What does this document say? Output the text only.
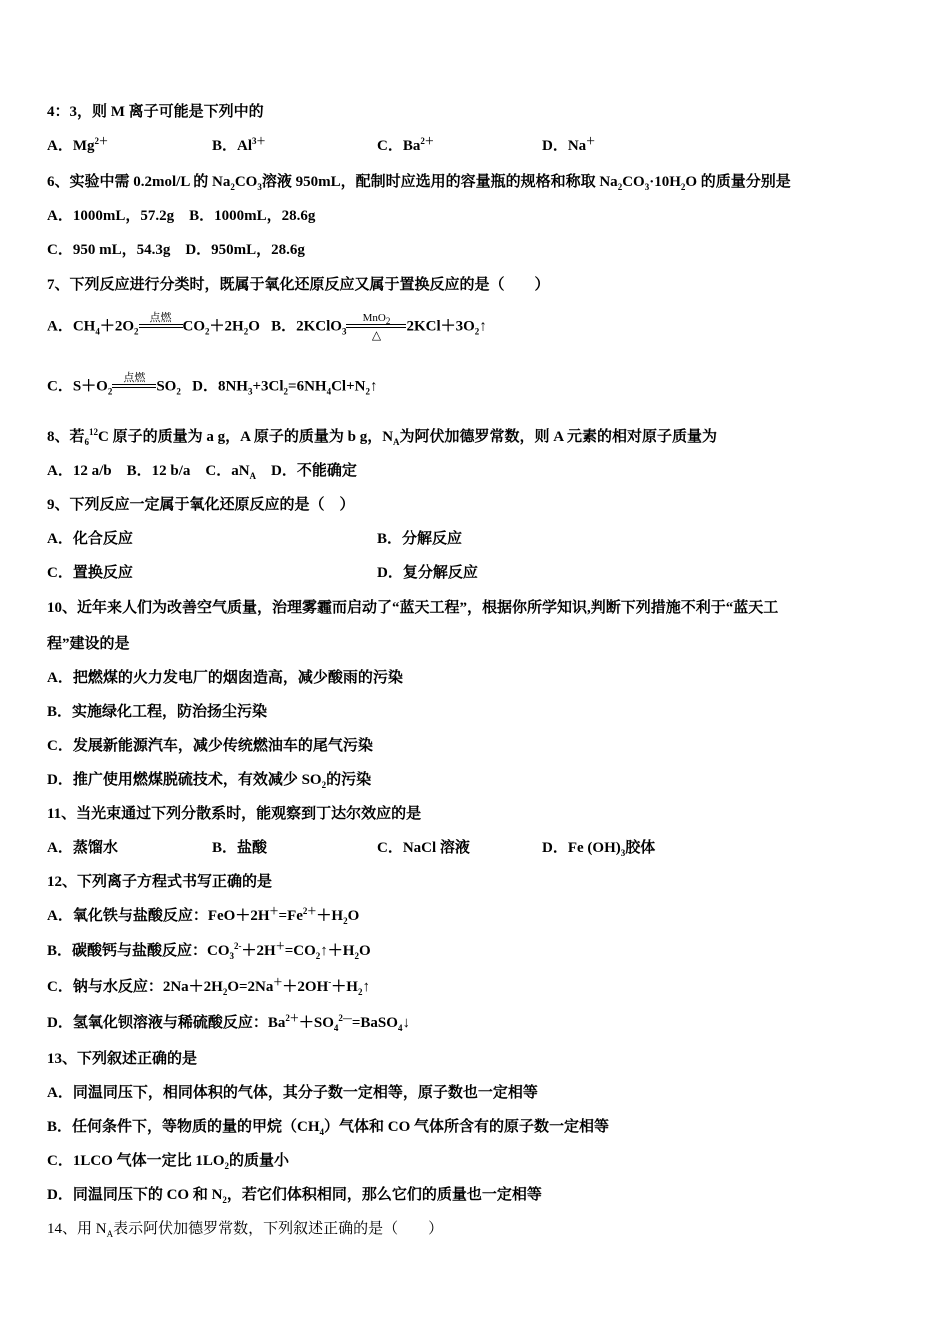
4：3，则 M 离子可能是下列中的
A．$Mg^{2+}$	B．$Al^{3+}$	C．$Ba^{2+}$	D．Na＋
6、实验中需 0.2mol/L 的 $Na_2CO_3$溶液 950mL，配制时应选用的容量瓶的规格和称取 $Na_2CO_3\cdot 10H_2O$ 的质量分别是
A．1000mL，57.2g　B．1000mL，28.6g
C．950 mL，54.3g　D．950mL，28.6g
7、下列反应进行分类时，既属于氧化还原反应又属于置换反应的是（　　）
A．$CH_4+2O_2$
点燃

$CO_2+2H_2O$ B．2KClO$_3$
MnO$_2$
△
$2KCl+3O_2↑$
C．$S+O_2$
点燃

$SO_2$ D．$8NH_3+3Cl_2=6NH_4Cl+N_2↑$
8、若$_6^{12}$C 原子的质量为 a g，A 原子的质量为 b g，$N_A$为阿伏加德罗常数，则 A 元素的相对原子质量为
A．12 a/b　B．12 b/a　C．$aN_A$　D．不能确定
9、下列反应一定属于氧化还原反应的是（　）
A．化合反应	B．分解反应
C．置换反应	D．复分解反应
10、近年来人们为改善空气质量，治理雾霾而启动了“蓝天工程”，根据你所学知识,判断下列措施不利于“蓝天工
程”建设的是
A．把燃煤的火力发电厂的烟囱造高，减少酸雨的污染
B．实施绿化工程，防治扬尘污染
C．发展新能源汽车，减少传统燃油车的尾气污染
D．推广使用燃煤脱硫技术，有效减少 $SO_2$的污染
11、当光束通过下列分散系时，能观察到丁达尔效应的是
A．蒸馏水	B．盐酸	C．NaCl 溶液	D．Fe $(OH)_3$胶体
12、下列离子方程式书写正确的是
A．氧化铁与盐酸反应：$FeO+2H^+=Fe^{2+}+H_2O$
B．碳酸钙与盐酸反应：$CO_3^{2-}+2H^+=CO_2↑+H_2O$
C．钠与水反应：$2Na+2H_2O=2Na^++2OH^-+H_2↑$
D．氢氧化钡溶液与稀硫酸反应：$Ba^{2+}+SO_4^{2—}=BaSO_4↓$
13、下列叙述正确的是
A．同温同压下，相同体积的气体，其分子数一定相等，原子数也一定相等
B．任何条件下，等物质的量的甲烷$(CH_4)$气体和 CO 气体所含有的原子数一定相等
C．1LCO 气体一定比 $1LO_2$的质量小
D．同温同压下的 CO 和 $N_2$，若它们体积相同，那么它们的质量也一定相等
14、用 $N_A$表示阿伏加德罗常数，下列叙述正确的是（　　）
